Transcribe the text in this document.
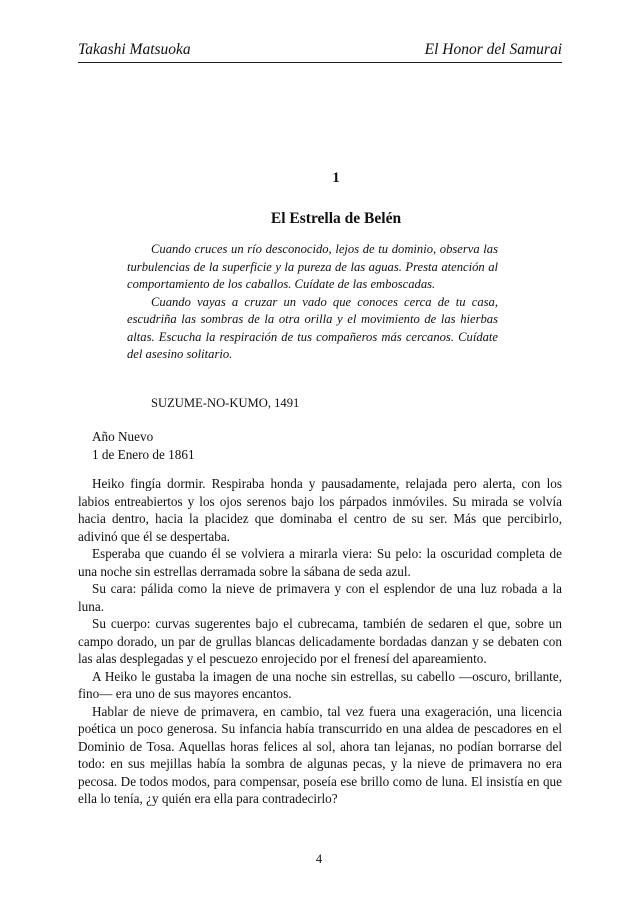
Takashi Matsuoka	El Honor del Samurai
1
El Estrella de Belén

Cuando cruces un río desconocido, lejos de tu dominio, observa las turbulencias de la superficie y la pureza de las aguas. Presta atención al comportamiento de los caballos. Cuídate de las emboscadas.

Cuando vayas a cruzar un vado que conoces cerca de tu casa, escudriña las sombras de la otra orilla y el movimiento de las hierbas altas. Escucha la respiración de tus compañeros más cercanos. Cuídate del asesino solitario.

SUZUME-NO-KUMO, 1491
Año Nuevo
1 de Enero de 1861

Heiko fingía dormir. Respiraba honda y pausadamente, relajada pero alerta, con los labios entreabiertos y los ojos serenos bajo los párpados inmóviles. Su mirada se volvía hacia dentro, hacia la placidez que dominaba el centro de su ser. Más que percibirlo, adivinó que él se despertaba.

Esperaba que cuando él se volviera a mirarla viera: Su pelo: la oscuridad completa de una noche sin estrellas derramada sobre la sábana de seda azul.

Su cara: pálida como la nieve de primavera y con el esplendor de una luz robada a la luna.

Su cuerpo: curvas sugerentes bajo el cubrecama, también de sedaren el que, sobre un campo dorado, un par de grullas blancas delicadamente bordadas danzan y se debaten con las alas desplegadas y el pescuezo enrojecido por el frenesí del apareamiento.

A Heiko le gustaba la imagen de una noche sin estrellas, su cabello —oscuro, brillante, fino— era uno de sus mayores encantos.

Hablar de nieve de primavera, en cambio, tal vez fuera una exageración, una licencia poética un poco generosa. Su infancia había transcurrido en una aldea de pescadores en el Dominio de Tosa. Aquellas horas felices al sol, ahora tan lejanas, no podían borrarse del todo: en sus mejillas había la sombra de algunas pecas, y la nieve de primavera no era pecosa. De todos modos, para compensar, poseía ese brillo como de luna. El insistía en que ella lo tenía, ¿y quién era ella para contradecirlo?

4
